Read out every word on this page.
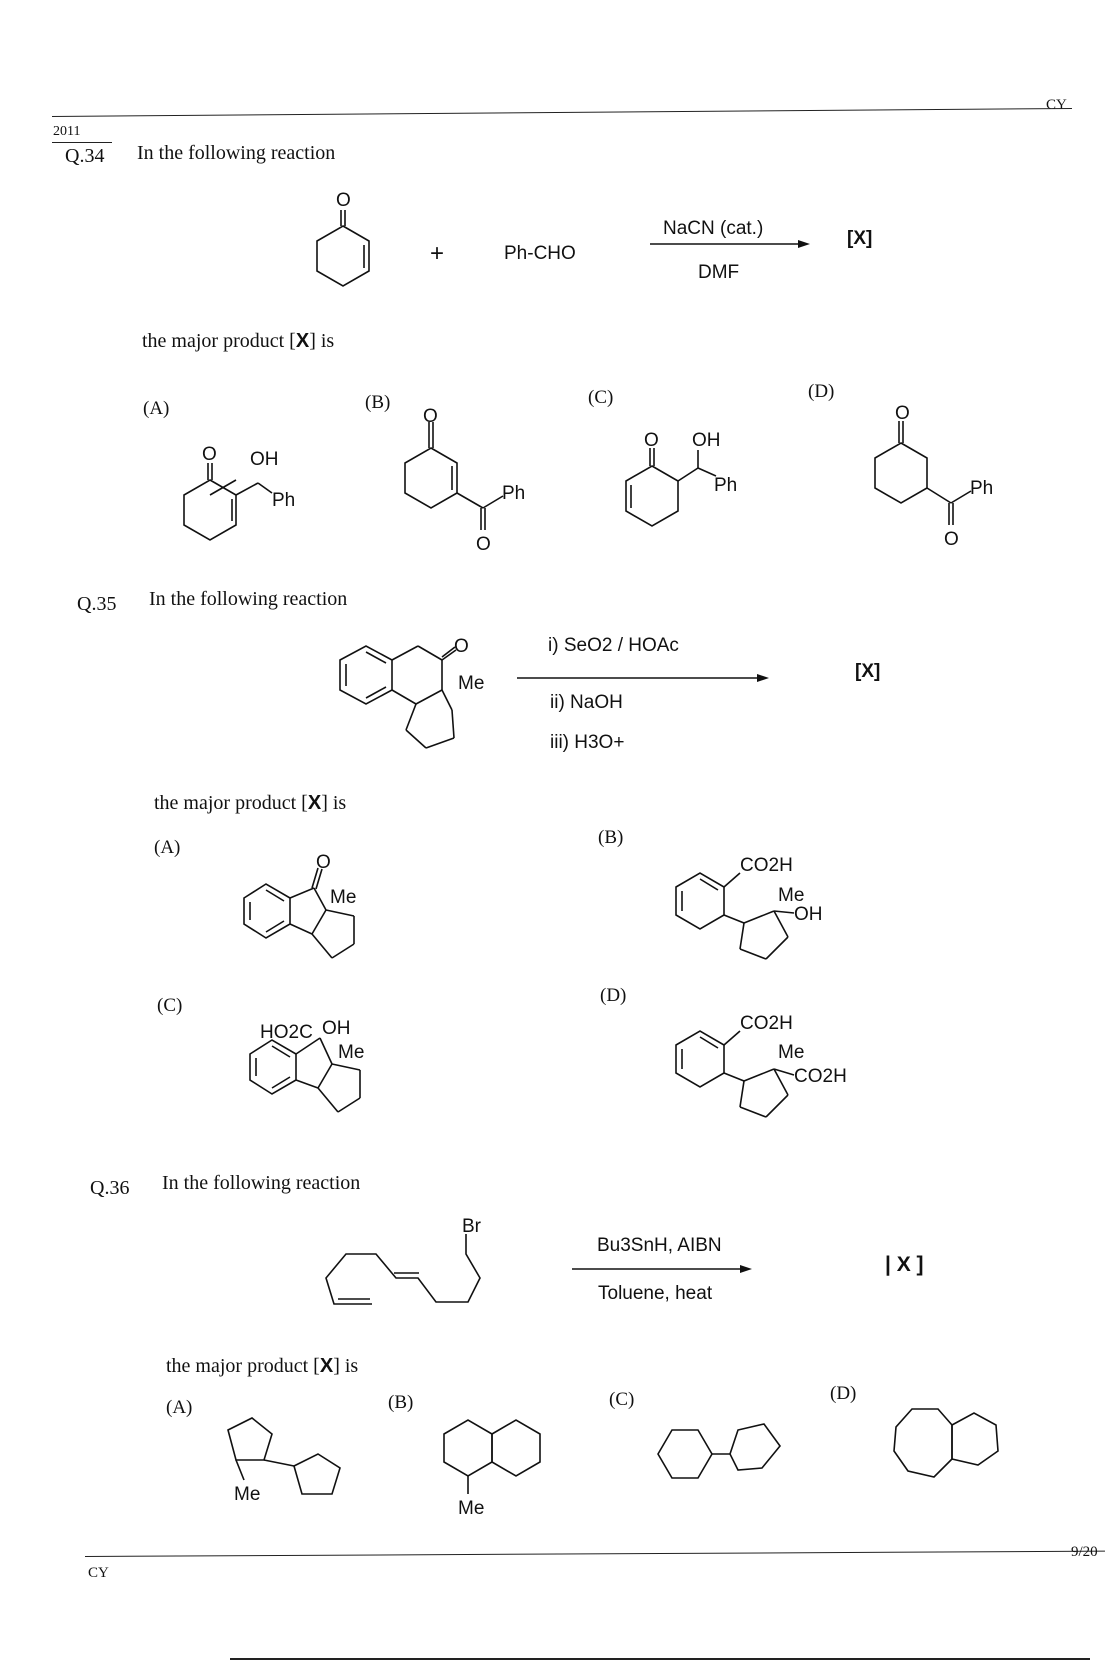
CY
2011
Q.34 In the following reaction
O
+	Ph-CHO
NaCN (cat.)
DMF
[X]
the major product [X] is
(A)	(B)	(C)	(D)
O OH
Ph
O
Ph
O
O OH
Ph
O
Ph
O
Q.35 In the following reaction
O
Me
i) SeO2 / HOAc
ii) NaOH
iii) H3O+
[X]
the major product [X] is
(A)	(B)
(C)	(D)
O
Me
CO2H
Me
OH
HO2C OH
Me
CO2H
Me
CO2H
Q.36 In the following reaction
Br
Bu3SnH, AIBN
Toluene, heat
| X ]
the major product [X] is
(A)	(B)	(C)	(D)
Me
Me
9/20
CY
